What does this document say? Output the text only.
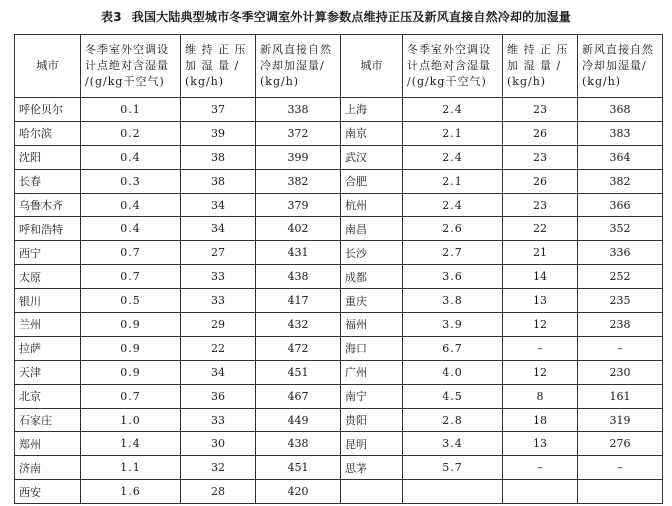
表3 我国大陆典型城市冬季空调室外计算参数点维持正压及新风直接自然冷却的加湿量
城市	冬季室外空调设
计点绝对含湿量
/(g/kg干空气)	维 持 正 压
加 湿 量 /
(kg/h)	新风直接自然
冷却加湿量/
(kg/h)	城市	冬季室外空调设
计点绝对含湿量
/(g/kg干空气)	维 持 正 压
加 湿 量 /
(kg/h)	新风直接自然
冷却加湿量/
(kg/h)

呼伦贝尔	0.1	37	338	上海	2.4	23	368
哈尔滨	0.2	39	372	南京	2.1	26	383
沈阳	0.4	38	399	武汉	2.4	23	364
长春	0.3	38	382	合肥	2.1	26	382
乌鲁木齐	0.4	34	379	杭州	2.4	23	366
呼和浩特	0.4	34	402	南昌	2.6	22	352
西宁	0.7	27	431	长沙	2.7	21	336
太原	0.7	33	438	成都	3.6	14	252
银川	0.5	33	417	重庆	3.8	13	235
兰州	0.9	29	432	福州	3.9	12	238
拉萨	0.9	22	472	海口	6.7	–	–
天津	0.9	34	451	广州	4.0	12	230
北京	0.7	36	467	南宁	4.5	8	161
石家庄	1.0	33	449	贵阳	2.8	18	319
郑州	1.4	30	438	昆明	3.4	13	276
济南	1.1	32	451	思茅	5.7	–	–
西安	1.6	28	420				
